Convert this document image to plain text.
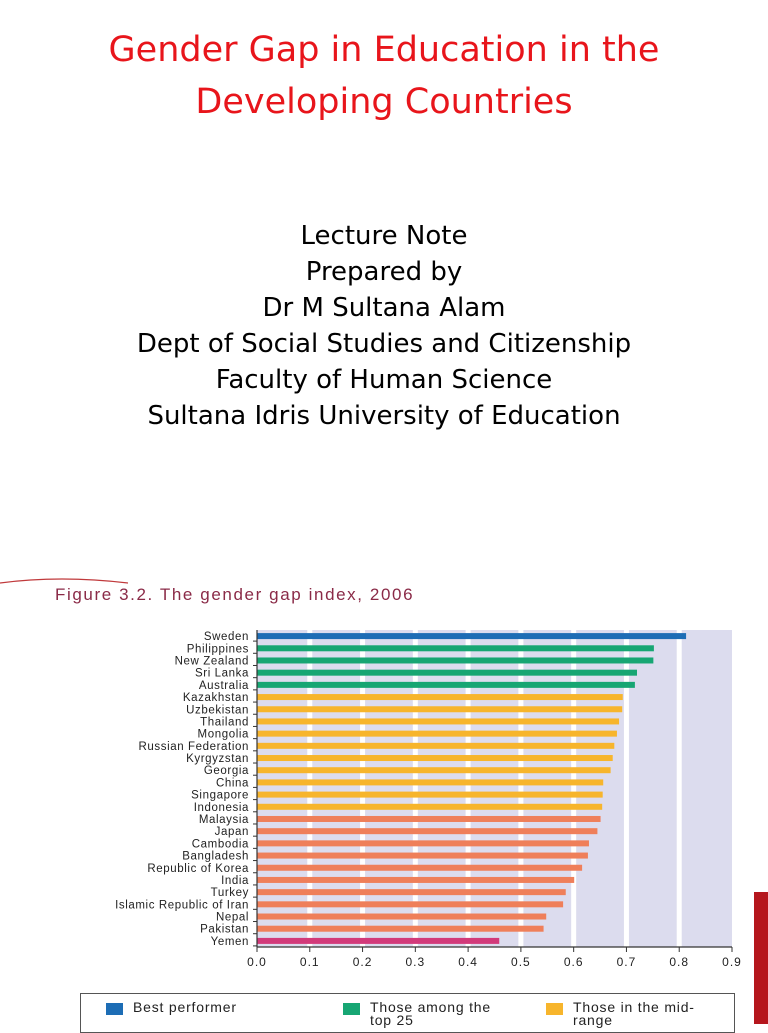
Gender Gap in Education in the
Developing Countries
Lecture Note
Prepared by
Dr M Sultana Alam
Dept of Social Studies and Citizenship
Faculty of Human Science
Sultana Idris University of Education
Figure 3.2. The gender gap index, 2006
Sweden
Philippines
New Zealand
Sri Lanka
Australia
Kazakhstan
Uzbekistan
Thailand
Mongolia
Russian Federation
Kyrgyzstan
Georgia
China
Singapore
Indonesia
Malaysia
Japan
Cambodia
Bangladesh
Republic of Korea
India
Turkey
Islamic Republic of Iran
Nepal
Pakistan
Yemen
0.0	0.1	0.2	0.3	0.4	0.5	0.6	0.7	0.8	0.9
Best performer	Those among the top 25
Those in the mid-range
